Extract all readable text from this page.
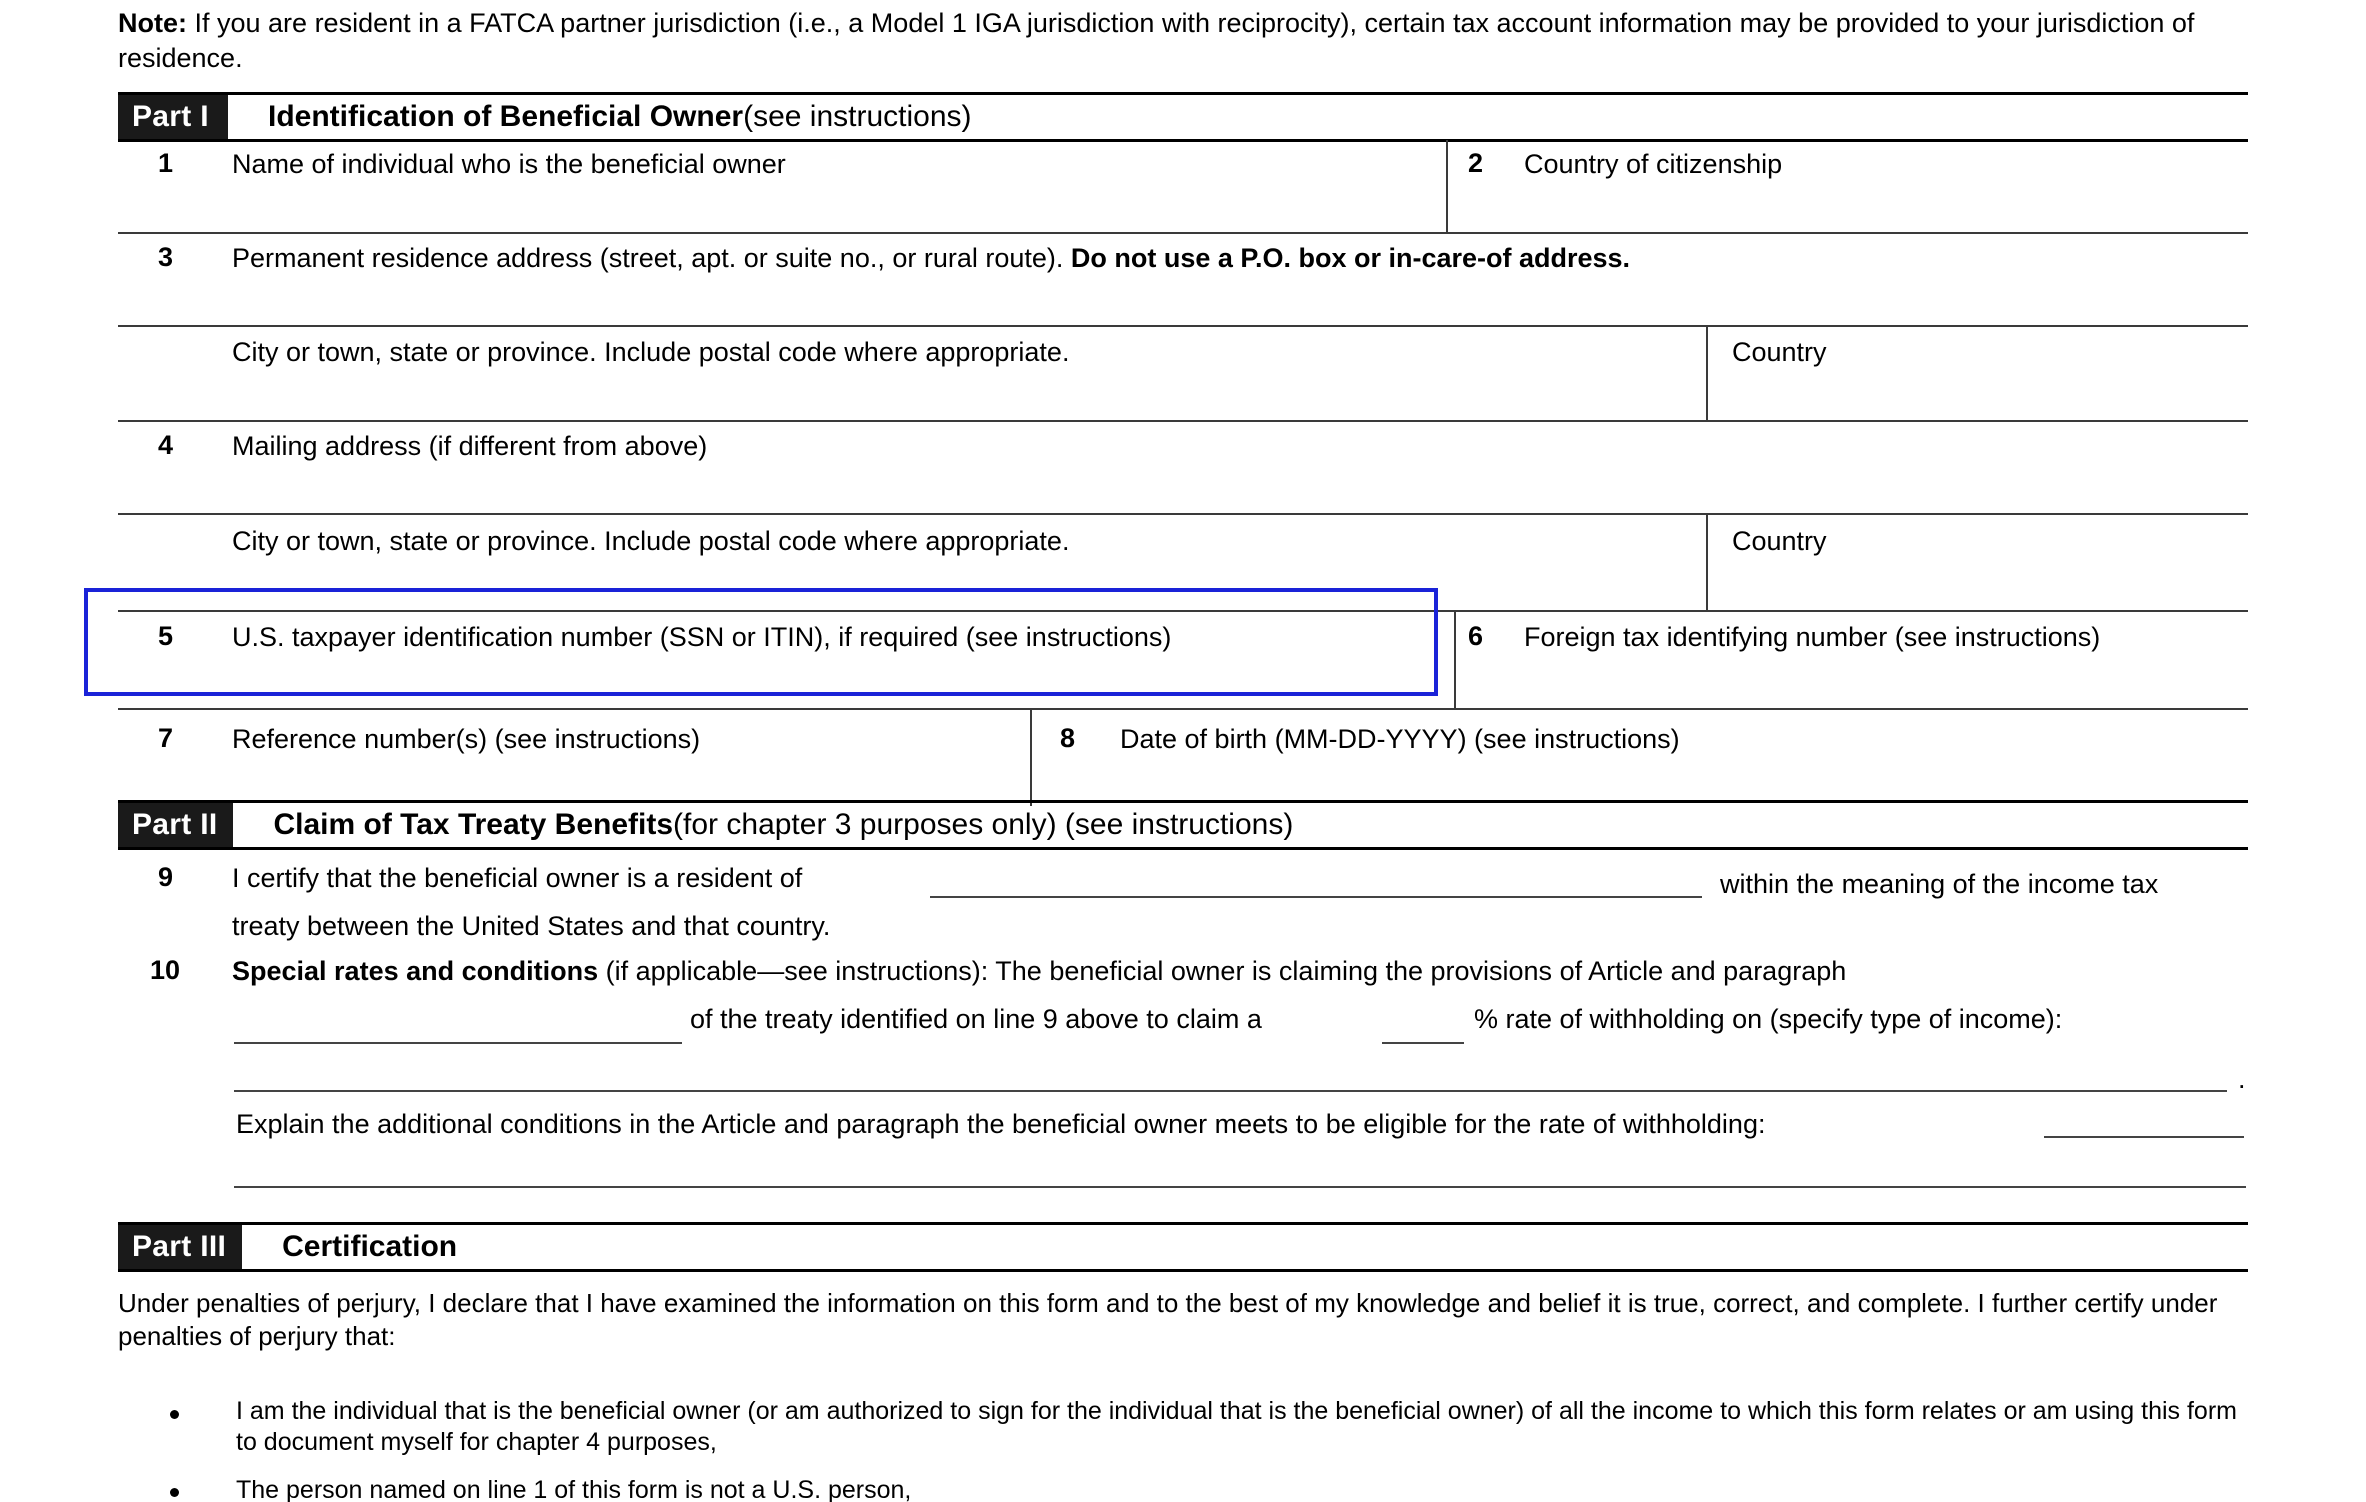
Note: If you are resident in a FATCA partner jurisdiction (i.e., a Model 1 IGA jurisdiction with reciprocity), certain tax account information may be provided to your jurisdiction of residence.
Part I	Identification of Beneficial Owner (see instructions)
1 Name of individual who is the beneficial owner	2 Country of citizenship
3 Permanent residence address (street, apt. or suite no., or rural route). Do not use a P.O. box or in-care-of address.
City or town, state or province. Include postal code where appropriate.	Country
4 Mailing address (if different from above)
City or town, state or province. Include postal code where appropriate.	Country
5 U.S. taxpayer identification number (SSN or ITIN), if required (see instructions)	6 Foreign tax identifying number (see instructions)
7 Reference number(s) (see instructions)	8 Date of birth (MM-DD-YYYY) (see instructions)
Part II	Claim of Tax Treaty Benefits (for chapter 3 purposes only) (see instructions)
9 I certify that the beneficial owner is a resident of	within the meaning of the income tax
treaty between the United States and that country.
10 Special rates and conditions (if applicable—see instructions): The beneficial owner is claiming the provisions of Article and paragraph
of the treaty identified on line 9 above to claim a	% rate of withholding on (specify type of income):
.
Explain the additional conditions in the Article and paragraph the beneficial owner meets to be eligible for the rate of withholding:
Part III	Certification
Under penalties of perjury, I declare that I have examined the information on this form and to the best of my knowledge and belief it is true, correct, and complete. I further certify under penalties of perjury that:
I am the individual that is the beneficial owner (or am authorized to sign for the individual that is the beneficial owner) of all the income to which this form relates or am using this form to document myself for chapter 4 purposes,
The person named on line 1 of this form is not a U.S. person,
